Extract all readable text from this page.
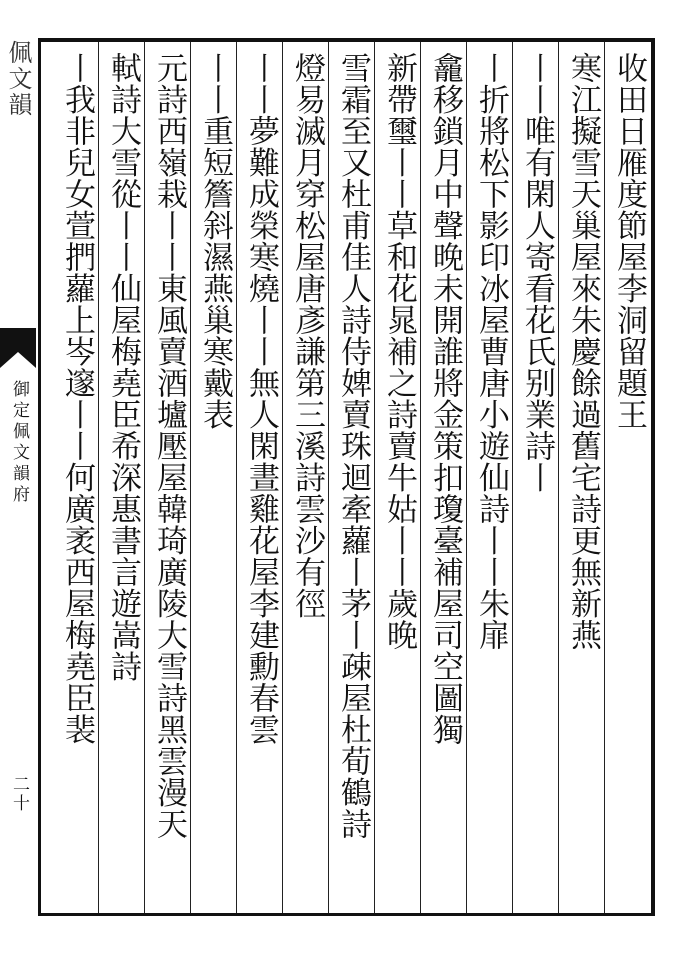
佩文韻
御定佩文韻府
二十
收田日雁度節屋李洞留題王
寒江擬雪天巢屋來朱慶餘過舊宅詩更無新燕
丨丨唯有閑人寄看花氏别業詩丨
丨折將松下影印冰屋曹唐小遊仙詩丨丨朱扉
龕移鎖月中聲晚未開誰將金策扣瓊臺補屋司空圖獨
新帶璽丨丨草和花晁補之詩賣牛姑丨丨歲晚
雪霜至又杜甫佳人詩侍婢賣珠迴牽蘿丨茅丨疎屋杜荀鶴詩
燈易滅月穿松屋唐彥謙第三溪詩雲沙有徑
丨丨夢難成榮寒燒丨丨無人閑晝雞花屋李建勳春雲
丨丨重短簷斜濕燕巢寒戴表
元詩西嶺栽丨丨東風賣酒壚壓屋韓琦廣陵大雪詩黑雲漫天
軾詩大雪從丨丨仙屋梅堯臣希深惠書言遊嵩詩
丨我非兒女萱捫蘿上岑邃丨丨何廣袤西屋梅堯臣裴
